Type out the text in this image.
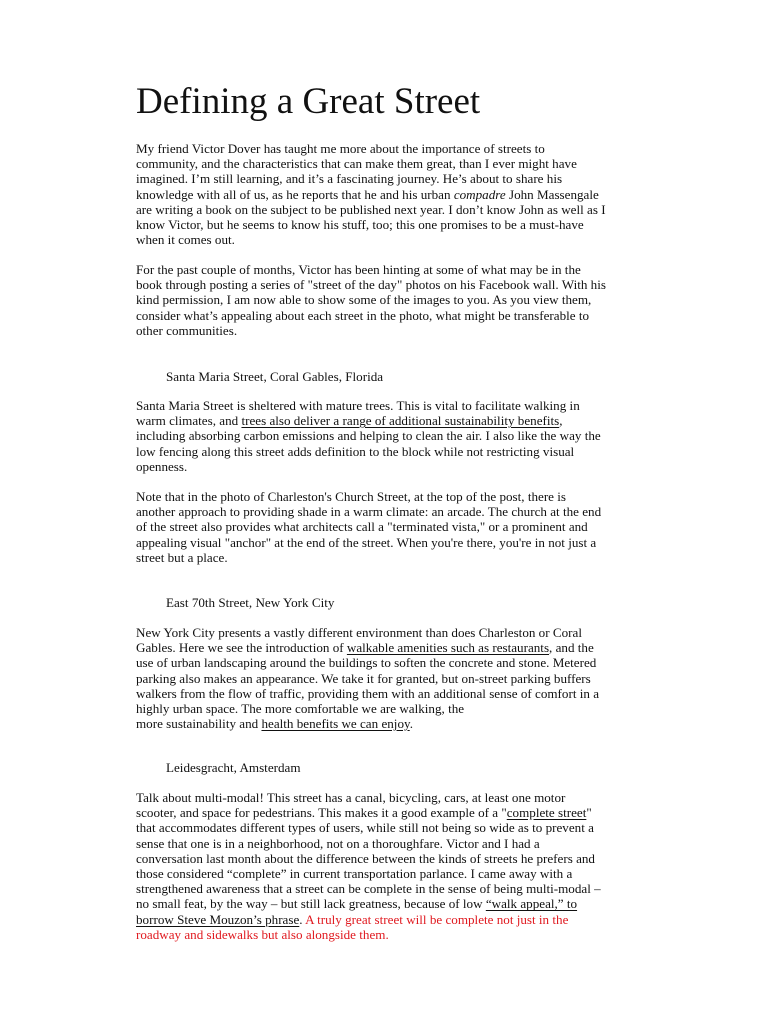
Defining a Great Street
My friend Victor Dover has taught me more about the importance of streets to
community, and the characteristics that can make them great, than I ever might have
imagined. I’m still learning, and it’s a fascinating journey. He’s about to share his
knowledge with all of us, as he reports that he and his urban compadre John Massengale
are writing a book on the subject to be published next year. I don’t know John as well as I
know Victor, but he seems to know his stuff, too; this one promises to be a must-have
when it comes out.
For the past couple of months, Victor has been hinting at some of what may be in the
book through posting a series of "street of the day" photos on his Facebook wall. With his
kind permission, I am now able to show some of the images to you. As you view them,
consider what’s appealing about each street in the photo, what might be transferable to
other communities.
Santa Maria Street, Coral Gables, Florida
Santa Maria Street is sheltered with mature trees. This is vital to facilitate walking in
warm climates, and trees also deliver a range of additional sustainability benefits,
including absorbing carbon emissions and helping to clean the air. I also like the way the
low fencing along this street adds definition to the block while not restricting visual
openness.
Note that in the photo of Charleston's Church Street, at the top of the post, there is
another approach to providing shade in a warm climate: an arcade. The church at the end
of the street also provides what architects call a "terminated vista," or a prominent and
appealing visual "anchor" at the end of the street. When you're there, you're in not just a
street but a place.
East 70th Street, New York City
New York City presents a vastly different environment than does Charleston or Coral
Gables. Here we see the introduction of walkable amenities such as restaurants, and the
use of urban landscaping around the buildings to soften the concrete and stone. Metered
parking also makes an appearance. We take it for granted, but on-street parking buffers
walkers from the flow of traffic, providing them with an additional sense of comfort in a
highly urban space. The more comfortable we are walking, the
more sustainability and health benefits we can enjoy.
Leidesgracht, Amsterdam
Talk about multi-modal! This street has a canal, bicycling, cars, at least one motor
scooter, and space for pedestrians. This makes it a good example of a "complete street"
that accommodates different types of users, while still not being so wide as to prevent a
sense that one is in a neighborhood, not on a thoroughfare. Victor and I had a
conversation last month about the difference between the kinds of streets he prefers and
those considered “complete” in current transportation parlance. I came away with a
strengthened awareness that a street can be complete in the sense of being multi-modal –
no small feat, by the way – but still lack greatness, because of low “walk appeal,” to
borrow Steve Mouzon’s phrase. A truly great street will be complete not just in the
roadway and sidewalks but also alongside them.
